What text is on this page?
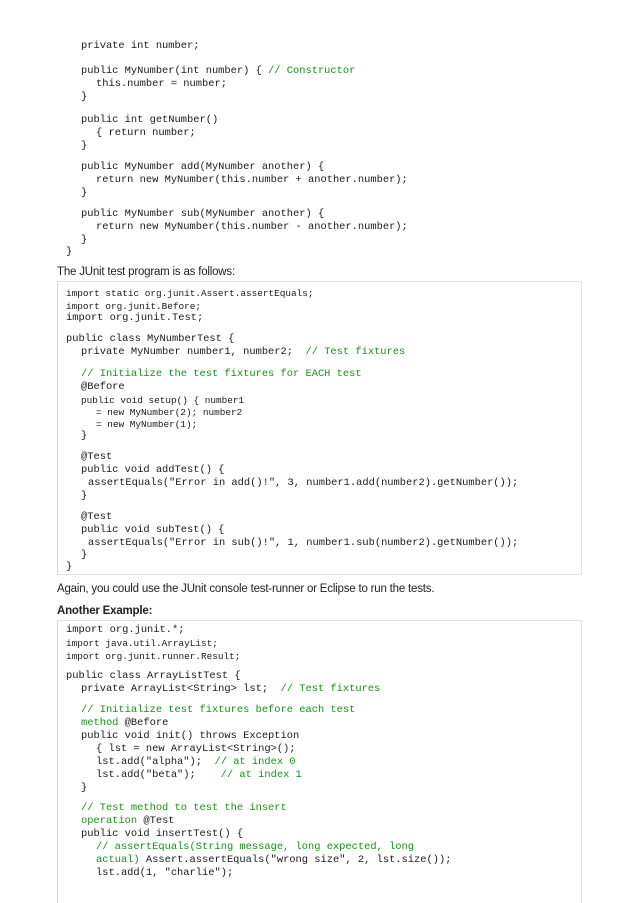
private int number;
public MyNumber(int number) { // Constructor
this.number = number;
}
public int getNumber()
{ return number;
}
public MyNumber add(MyNumber another) {
return new MyNumber(this.number + another.number);
}
public MyNumber sub(MyNumber another) {
return new MyNumber(this.number - another.number);
}
}
The JUnit test program is as follows:
import static org.junit.Assert.assertEquals;
import org.junit.Before;
import org.junit.Test;
public class MyNumberTest {
private MyNumber number1, number2;  // Test fixtures
// Initialize the test fixtures for EACH test
@Before
public void setup() { number1
= new MyNumber(2); number2
= new MyNumber(1);
}
@Test
public void addTest() {
assertEquals("Error in add()!", 3, number1.add(number2).getNumber());
}
@Test
public void subTest() {
assertEquals("Error in sub()!", 1, number1.sub(number2).getNumber());
}
}
Again, you could use the JUnit console test-runner or Eclipse to run the tests.
Another Example:
import org.junit.*;
import java.util.ArrayList;
import org.junit.runner.Result;
public class ArrayListTest {
private ArrayList<String> lst;  // Test fixtures
// Initialize test fixtures before each test
method @Before
public void init() throws Exception
{ lst = new ArrayList<String>();
lst.add("alpha");  // at index 0
lst.add("beta");    // at index 1
}
// Test method to test the insert
operation @Test
public void insertTest() {
// assertEquals(String message, long expected, long
actual) Assert.assertEquals("wrong size", 2, lst.size());
lst.add(1, "charlie");
